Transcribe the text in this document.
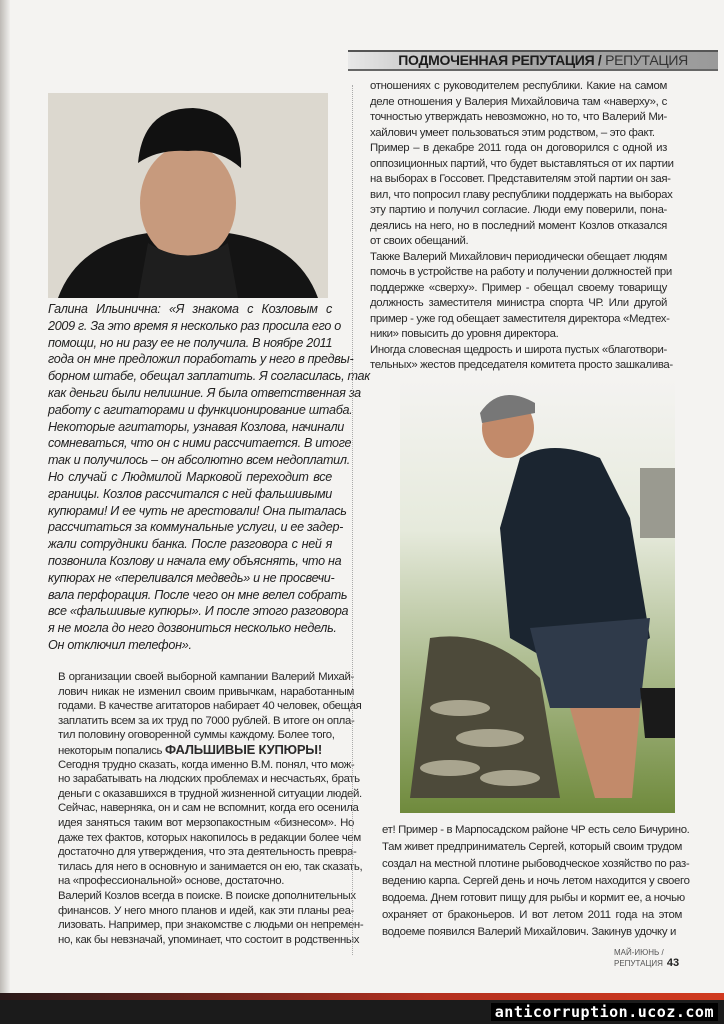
ПОДМОЧЕННАЯ РЕПУТАЦИЯ / РЕПУТАЦИЯ
Галина Ильинична: «Я знакома с Козловым с
2009 г. За это время я несколько раз просила его о
помощи, но ни разу ее не получила. В ноябре 2011
года он мне предложил поработать у него в предвы-
борном штабе, обещал заплатить. Я согласилась, так
как деньги были нелишние. Я была ответственная за
работу с агитаторами и функционирование штаба.
Некоторые агитаторы, узнавая Козлова, начинали
сомневаться, что он с ними рассчитается. В итоге
так и получилось – он абсолютно всем недоплатил.
Но случай с Людмилой Марковой переходит все
границы. Козлов рассчитался с ней фальшивыми
купюрами! И ее чуть не арестовали! Она пыталась
рассчитаться за коммунальные услуги, и ее задер-
жали сотрудники банка. После разговора с ней я
позвонила Козлову и начала ему объяснять, что на
купюрах не «переливался медведь» и не просвечи-
вала перфорация. После чего он мне велел собрать
все «фальшивые купюры». И после этого разговора
я не могла до него дозвониться несколько недель.
Он отключил телефон».
В организации своей выборной кампании Валерий Михай-
лович никак не изменил своим привычкам, наработанным
годами. В качестве агитаторов набирает 40 человек, обещая
заплатить всем за их труд по 7000 рублей. В итоге он опла-
тил половину оговоренной суммы каждому. Более того,
некоторым попались ФАЛЬШИВЫЕ КУПЮРЫ!
Сегодня трудно сказать, когда именно В.М. понял, что мож-
но зарабатывать на людских проблемах и несчастьях, брать
деньги с оказавшихся в трудной жизненной ситуации людей.
Сейчас, наверняка, он и сам не вспомнит, когда его осенила
идея заняться таким вот мерзопакостным «бизнесом». Но
даже тех фактов, которых накопилось в редакции более чем
достаточно для утверждения, что эта деятельность превра-
тилась для него в основную и занимается он ею, так сказать,
на «профессиональной» основе, достаточно.
Валерий Козлов всегда в поиске. В поиске дополнительных
финансов. У него много планов и идей, как эти планы реа-
лизовать. Например, при знакомстве с людьми он непремен-
но, как бы невзначай, упоминает, что состоит в родственных
отношениях с руководителем республики. Какие на самом
деле отношения у Валерия Михайловича там «наверху», с
точностью утверждать невозможно, но то, что Валерий Ми-
хайлович умеет пользоваться этим родством, – это факт.
Пример – в декабре 2011 года он договорился с одной из
оппозиционных партий, что будет выставляться от их партии
на выборах в Госсовет. Представителям этой партии он зая-
вил, что попросил главу республики поддержать на выборах
эту партию и получил согласие. Люди ему поверили, пона-
деялись на него, но в последний момент Козлов отказался
от своих обещаний.
Также Валерий Михайлович периодически обещает людям
помочь в устройстве на работу и получении должностей при
поддержке «сверху». Пример - обещал своему товарищу
должность заместителя министра спорта ЧР. Или другой
пример - уже год обещает заместителя директора «Медтех-
ники» повысить до уровня директора.
Иногда словесная щедрость и широта пустых «благотвори-
тельных» жестов председателя комитета просто зашкалива-
ет! Пример - в Марпосадском районе ЧР есть село Бичурино.
Там живет предприниматель Сергей, который своим трудом
создал на местной плотине рыбоводческое хозяйство по раз-
ведению карпа. Сергей день и ночь летом находится у своего
водоема. Днем готовит пищу для рыбы и кормит ее, а ночью
охраняет от браконьеров. И вот летом 2011 года на этом
водоеме появился Валерий Михайлович. Закинув удочку и
МАЙ-ИЮНЬ / РЕПУТАЦИЯ 43
anticorruption.ucoz.com
